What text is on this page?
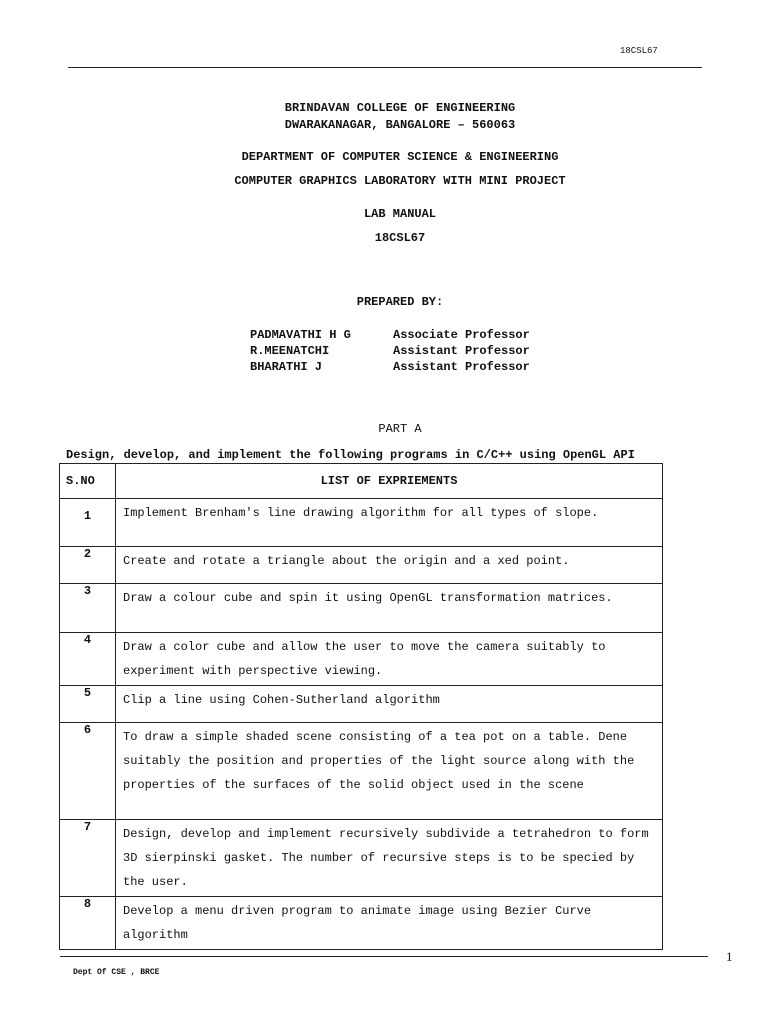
18CSL67
BRINDAVAN COLLEGE OF ENGINEERING
DWARAKANAGAR, BANGALORE – 560063
DEPARTMENT OF COMPUTER SCIENCE & ENGINEERING
COMPUTER GRAPHICS LABORATORY WITH MINI PROJECT
LAB MANUAL
18CSL67
PREPARED BY:
PADMAVATHI H G	Associate Professor
R.MEENATCHI	Assistant Professor
BHARATHI J	Assistant Professor
PART A
Design, develop, and implement the following programs in C/C++ using OpenGL API
S.NO	LIST OF EXPRIEMENTS
1	Implement Brenham's line drawing algorithm for all types of slope.
2	Create and rotate a triangle about the origin and a xed point.
3	Draw a colour cube and spin it using OpenGL transformation matrices.
4	Draw a color cube and allow the user to move the camera suitably to experiment with perspective viewing.
5	Clip a line using Cohen-Sutherland algorithm
6	To draw a simple shaded scene consisting of a tea pot on a table. Dene suitably the position and properties of the light source along with the properties of the surfaces of the solid object used in the scene
7	Design, develop and implement recursively subdivide a tetrahedron to form 3D sierpinski gasket. The number of recursive steps is to be specied by the user.
8	Develop a menu driven program to animate image using Bezier Curve algorithm
1
Dept Of CSE , BRCE
